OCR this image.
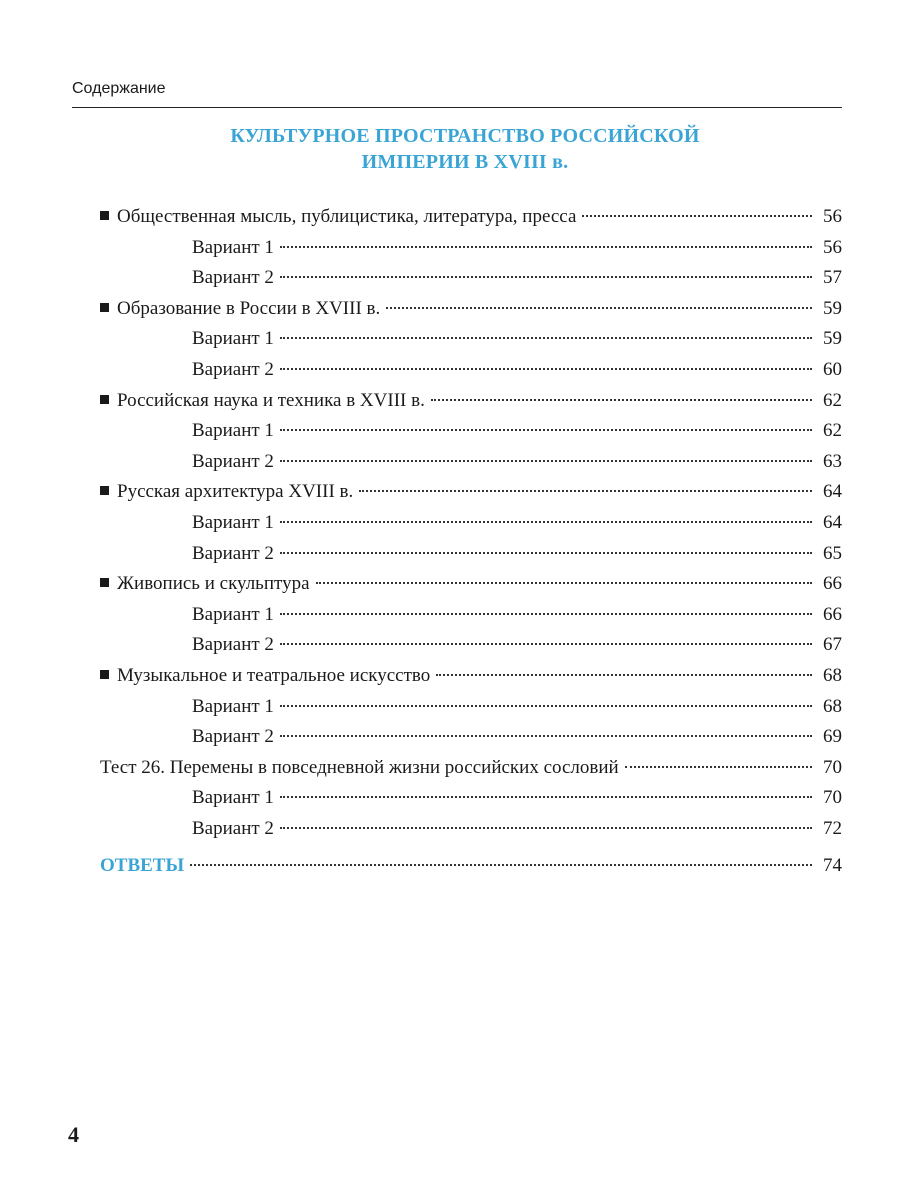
Содержание
КУЛЬТУРНОЕ ПРОСТРАНСТВО РОССИЙСКОЙ
ИМПЕРИИ В XVIII в.
Общественная мысль, публицистика, литература, пресса	56
Вариант 1	56
Вариант 2	57
Образование в России в XVIII в.	59
Вариант 1	59
Вариант 2	60
Российская наука и техника в XVIII в.	62
Вариант 1	62
Вариант 2	63
Русская архитектура XVIII в.	64
Вариант 1	64
Вариант 2	65
Живопись и скульптура	66
Вариант 1	66
Вариант 2	67
Музыкальное и театральное искусство	68
Вариант 1	68
Вариант 2	69
Тест 26. Перемены в повседневной жизни российских сословий	70
Вариант 1	70
Вариант 2	72
ОТВЕТЫ	74
4
